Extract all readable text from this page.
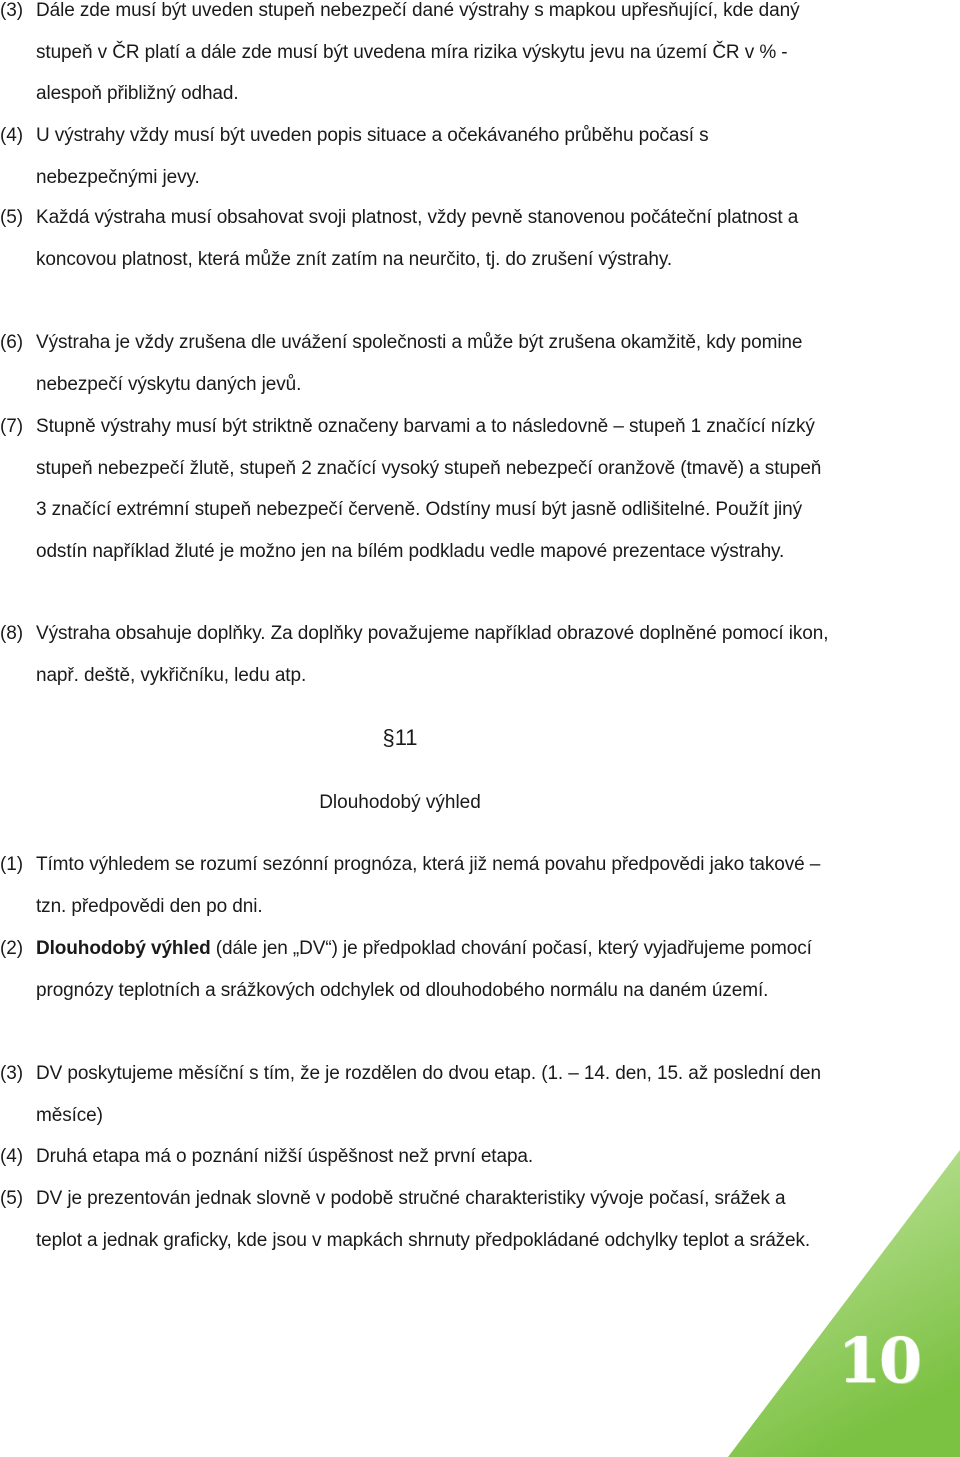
(3) Dále zde musí být uveden stupeň nebezpečí dané výstrahy s mapkou upřesňující, kde daný stupeň v ČR platí a dále zde musí být uvedena míra rizika výskytu jevu na území ČR v % - alespoň přibližný odhad.
(4) U výstrahy vždy musí být uveden popis situace a očekávaného průběhu počasí s nebezpečnými jevy.
(5) Každá výstraha musí obsahovat svoji platnost, vždy pevně stanovenou počáteční platnost a koncovou platnost, která může znít zatím na neurčito, tj. do zrušení výstrahy.
(6) Výstraha je vždy zrušena dle uvážení společnosti a může být zrušena okamžitě, kdy pomine nebezpečí výskytu daných jevů.
(7) Stupně výstrahy musí být striktně označeny barvami a to následovně – stupeň 1 značící nízký stupeň nebezpečí žlutě, stupeň 2 značící vysoký stupeň nebezpečí oranžově (tmavě) a stupeň 3 značící extrémní stupeň nebezpečí červeně. Odstíny musí být jasně odlišitelné. Použít jiný odstín například žluté je možno jen na bílém podkladu vedle mapové prezentace výstrahy.
(8) Výstraha obsahuje doplňky. Za doplňky považujeme například obrazové doplněné pomocí ikon, např. deště, vykřičníku, ledu atp.
§11
Dlouhodobý výhled
(1) Tímto výhledem se rozumí sezónní prognóza, která již nemá povahu předpovědi jako takové – tzn. předpovědi den po dni.
(2) Dlouhodobý výhled (dále jen „DV“) je předpoklad chování počasí, který vyjadřujeme pomocí prognózy teplotních a srážkových odchylek od dlouhodobého normálu na daném území.
(3) DV poskytujeme měsíční s tím, že je rozdělen do dvou etap. (1. – 14. den, 15. až poslední den měsíce)
(4) Druhá etapa má o poznání nižší úspěšnost než první etapa.
(5) DV je prezentován jednak slovně v podobě stručné charakteristiky vývoje počasí, srážek a teplot a jednak graficky, kde jsou v mapkách shrnuty předpokládané odchylky teplot a srážek.
10
